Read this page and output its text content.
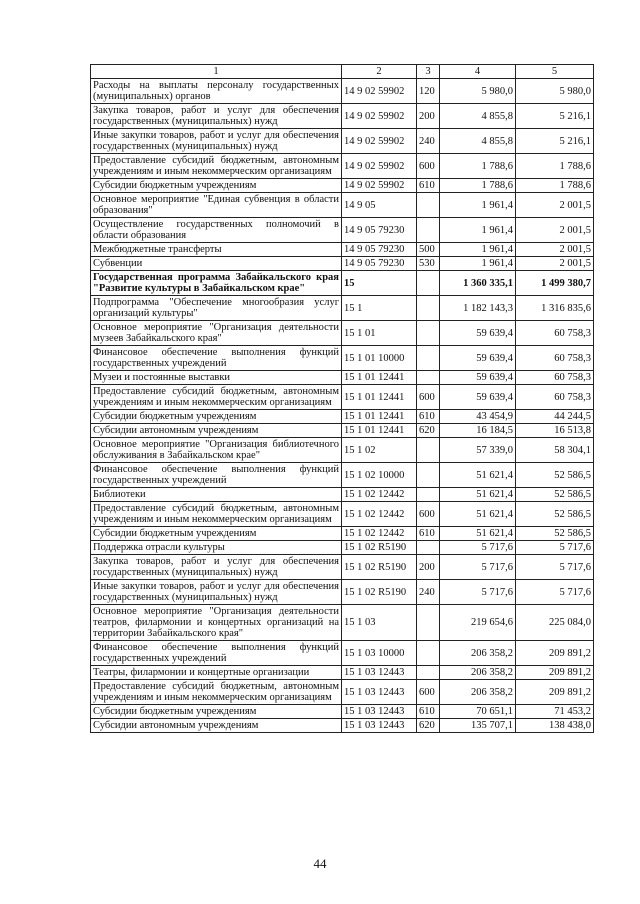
1	2	3	4	5
Расходы на выплаты персоналу государственных (муниципальных) органов	14 9 02 59902	120	5 980,0	5 980,0
Закупка товаров, работ и услуг для обеспечения государственных (муниципальных) нужд	14 9 02 59902	200	4 855,8	5 216,1
Иные закупки товаров, работ и услуг для обеспечения государственных (муниципальных) нужд	14 9 02 59902	240	4 855,8	5 216,1
Предоставление субсидий бюджетным, автономным учреждениям и иным некоммерческим организациям	14 9 02 59902	600	1 788,6	1 788,6
Субсидии бюджетным учреждениям	14 9 02 59902	610	1 788,6	1 788,6
Основное мероприятие "Единая субвенция в области образования"	14 9 05		1 961,4	2 001,5
Осуществление государственных полномочий в области образования	14 9 05 79230		1 961,4	2 001,5
Межбюджетные трансферты	14 9 05 79230	500	1 961,4	2 001,5
Субвенции	14 9 05 79230	530	1 961,4	2 001,5
Государственная программа Забайкальского края "Развитие культуры в Забайкальском крае"	15		1 360 335,1	1 499 380,7
Подпрограмма "Обеспечение многообразия услуг организаций культуры"	15 1		1 182 143,3	1 316 835,6
Основное мероприятие "Организация деятельности музеев Забайкальского края"	15 1 01		59 639,4	60 758,3
Финансовое обеспечение выполнения функций государственных учреждений	15 1 01 10000		59 639,4	60 758,3
Музеи и постоянные выставки	15 1 01 12441		59 639,4	60 758,3
Предоставление субсидий бюджетным, автономным учреждениям и иным некоммерческим организациям	15 1 01 12441	600	59 639,4	60 758,3
Субсидии бюджетным учреждениям	15 1 01 12441	610	43 454,9	44 244,5
Субсидии автономным учреждениям	15 1 01 12441	620	16 184,5	16 513,8
Основное мероприятие "Организация библиотечного обслуживания в Забайкальском крае"	15 1 02		57 339,0	58 304,1
Финансовое обеспечение выполнения функций государственных учреждений	15 1 02 10000		51 621,4	52 586,5
Библиотеки	15 1 02 12442		51 621,4	52 586,5
Предоставление субсидий бюджетным, автономным учреждениям и иным некоммерческим организациям	15 1 02 12442	600	51 621,4	52 586,5
Субсидии бюджетным учреждениям	15 1 02 12442	610	51 621,4	52 586,5
Поддержка отрасли культуры	15 1 02 R5190		5 717,6	5 717,6
Закупка товаров, работ и услуг для обеспечения государственных (муниципальных) нужд	15 1 02 R5190	200	5 717,6	5 717,6
Иные закупки товаров, работ и услуг для обеспечения государственных (муниципальных) нужд	15 1 02 R5190	240	5 717,6	5 717,6
Основное мероприятие "Организация деятельности театров, филармонии и концертных организаций на территории Забайкальского края"	15 1 03		219 654,6	225 084,0
Финансовое обеспечение выполнения функций государственных учреждений	15 1 03 10000		206 358,2	209 891,2
Театры, филармонии и концертные организации	15 1 03 12443		206 358,2	209 891,2
Предоставление субсидий бюджетным, автономным учреждениям и иным некоммерческим организациям	15 1 03 12443	600	206 358,2	209 891,2
Субсидии бюджетным учреждениям	15 1 03 12443	610	70 651,1	71 453,2
Субсидии автономным учреждениям	15 1 03 12443	620	135 707,1	138 438,0
44
